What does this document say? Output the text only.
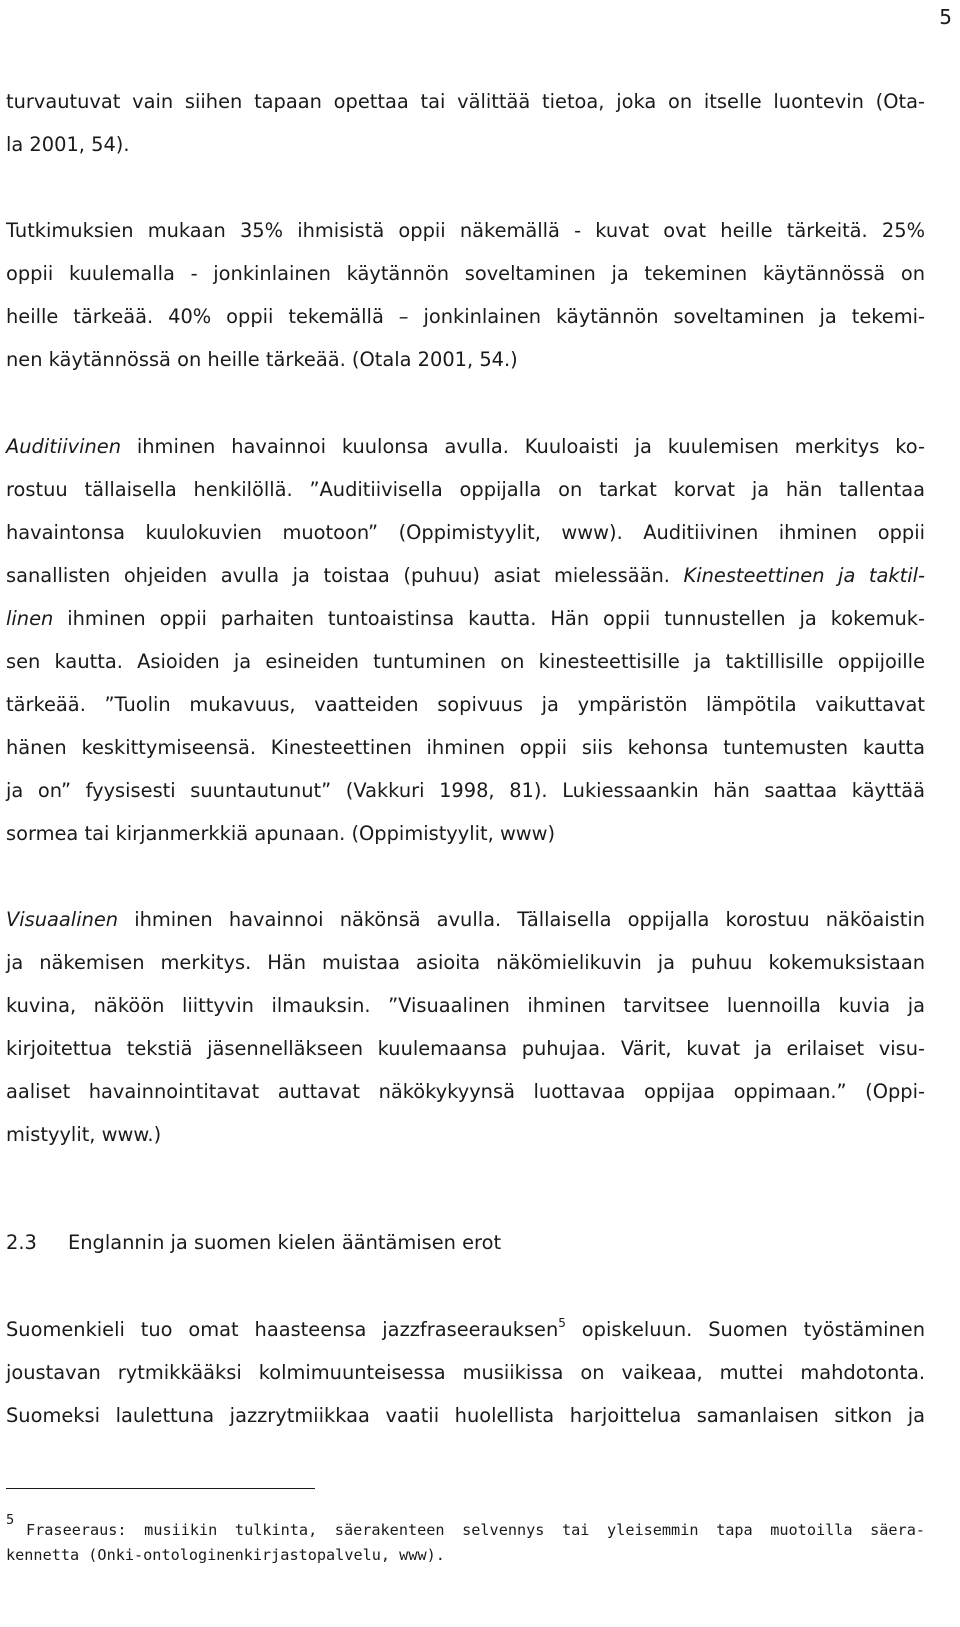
5
turvautuvat vain siihen tapaan opettaa tai välittää tietoa, joka on itselle luontevin (Ota-
la 2001, 54).
Tutkimuksien mukaan 35% ihmisistä oppii näkemällä - kuvat ovat heille tärkeitä. 25%
oppii kuulemalla - jonkinlainen käytännön soveltaminen ja tekeminen käytännössä on
heille tärkeää. 40% oppii tekemällä – jonkinlainen käytännön soveltaminen ja tekemi-
nen käytännössä on heille tärkeää. (Otala 2001, 54.)
Auditiivinen ihminen havainnoi kuulonsa avulla. Kuuloaisti ja kuulemisen merkitys ko-
rostuu tällaisella henkilöllä. ”Auditiivisella oppijalla on tarkat korvat ja hän tallentaa
havaintonsa kuulokuvien muotoon” (Oppimistyylit, www). Auditiivinen ihminen oppii
sanallisten ohjeiden avulla ja toistaa (puhuu) asiat mielessään. Kinesteettinen ja taktil-
linen ihminen oppii parhaiten tuntoaistinsa kautta. Hän oppii tunnustellen ja kokemuk-
sen kautta. Asioiden ja esineiden tuntuminen on kinesteettisille ja taktillisille oppijoille
tärkeää. ”Tuolin mukavuus, vaatteiden sopivuus ja ympäristön lämpötila vaikuttavat
hänen keskittymiseensä. Kinesteettinen ihminen oppii siis kehonsa tuntemusten kautta
ja on” fyysisesti suuntautunut” (Vakkuri 1998, 81). Lukiessaankin hän saattaa käyttää
sormea tai kirjanmerkkiä apunaan. (Oppimistyylit, www)
Visuaalinen ihminen havainnoi näkönsä avulla. Tällaisella oppijalla korostuu näköaistin
ja näkemisen merkitys. Hän muistaa asioita näkömielikuvin ja puhuu kokemuksistaan
kuvina, näköön liittyvin ilmauksin. ”Visuaalinen ihminen tarvitsee luennoilla kuvia ja
kirjoitettua tekstiä jäsennelläkseen kuulemaansa puhujaa. Värit, kuvat ja erilaiset visu-
aaliset havainnointitavat auttavat näkökykyynsä luottavaa oppijaa oppimaan.” (Oppi-
mistyylit, www.)
2.3 Englannin ja suomen kielen ääntämisen erot
Suomenkieli tuo omat haasteensa jazzfraseerauksen$^5$ opiskeluun. Suomen työstäminen
joustavan rytmikkääksi kolmimuunteisessa musiikissa on vaikeaa, muttei mahdotonta.
Suomeksi laulettuna jazzrytmiikkaa vaatii huolellista harjoittelua samanlaisen sitkon ja
5
Fraseeraus: musiikin tulkinta, säerakenteen selvennys tai yleisemmin tapa muotoilla säera-
kennetta (Onki-ontologinenkirjastopalvelu, www).
